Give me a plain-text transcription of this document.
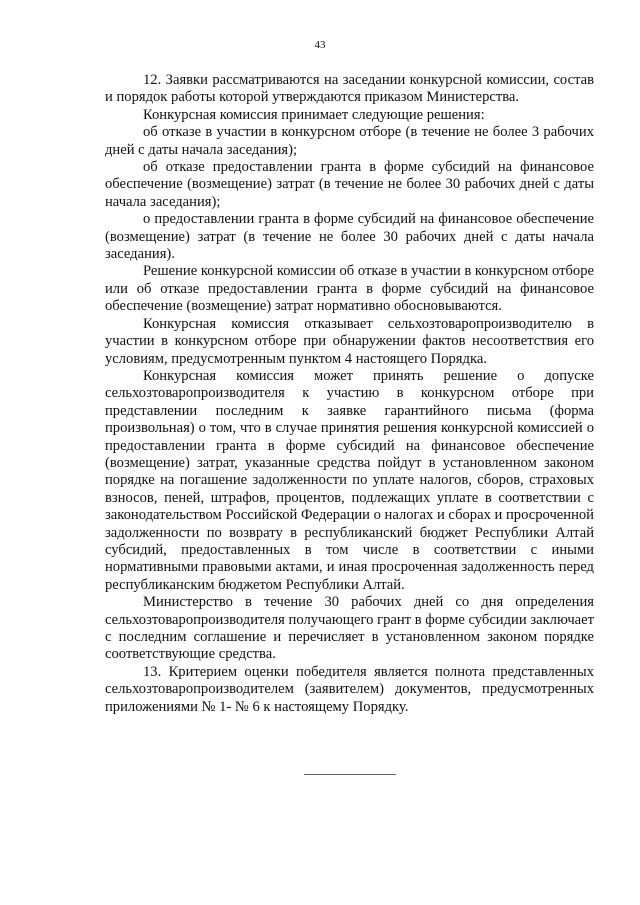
43

12. Заявки рассматриваются на заседании конкурсной комиссии, состав и порядок работы которой утверждаются приказом Министерства.

Конкурсная комиссия принимает следующие решения:

об отказе в участии в конкурсном отборе (в течение не более 3 рабочих дней с даты начала заседания);

об отказе предоставлении гранта в форме субсидий на финансовое обеспечение (возмещение) затрат (в течение не более 30 рабочих дней с даты начала заседания);

о предоставлении гранта в форме субсидий на финансовое обеспечение (возмещение) затрат (в течение не более 30 рабочих дней с даты начала заседания).

Решение конкурсной комиссии об отказе в участии в конкурсном отборе или об отказе предоставлении гранта в форме субсидий на финансовое обеспечение (возмещение) затрат нормативно обосновываются.

Конкурсная комиссия отказывает сельхозтоваропроизводителю в участии в конкурсном отборе при обнаружении фактов несоответствия его условиям, предусмотренным пунктом 4 настоящего Порядка.

Конкурсная комиссия может принять решение о допуске сельхозтоваропроизводителя к участию в конкурсном отборе при представлении последним к заявке гарантийного письма (форма произвольная) о том, что в случае принятия решения конкурсной комиссией о предоставлении гранта в форме субсидий на финансовое обеспечение (возмещение) затрат, указанные средства пойдут в установленном законом порядке на погашение задолженности по уплате налогов, сборов, страховых взносов, пеней, штрафов, процентов, подлежащих уплате в соответствии с законодательством Российской Федерации о налогах и сборах и просроченной задолженности по возврату в республиканский бюджет Республики Алтай субсидий, предоставленных в том числе в соответствии с иными нормативными правовыми актами, и иная просроченная задолженность перед республиканским бюджетом Республики Алтай.

Министерство в течение 30 рабочих дней со дня определения сельхозтоваропроизводителя получающего грант в форме субсидии заключает с последним соглашение и перечисляет в установленном законом порядке соответствующие средства.

13. Критерием оценки победителя является полнота представленных сельхозтоваропроизводителем (заявителем) документов, предусмотренных приложениями № 1- № 6 к настоящему Порядку.
